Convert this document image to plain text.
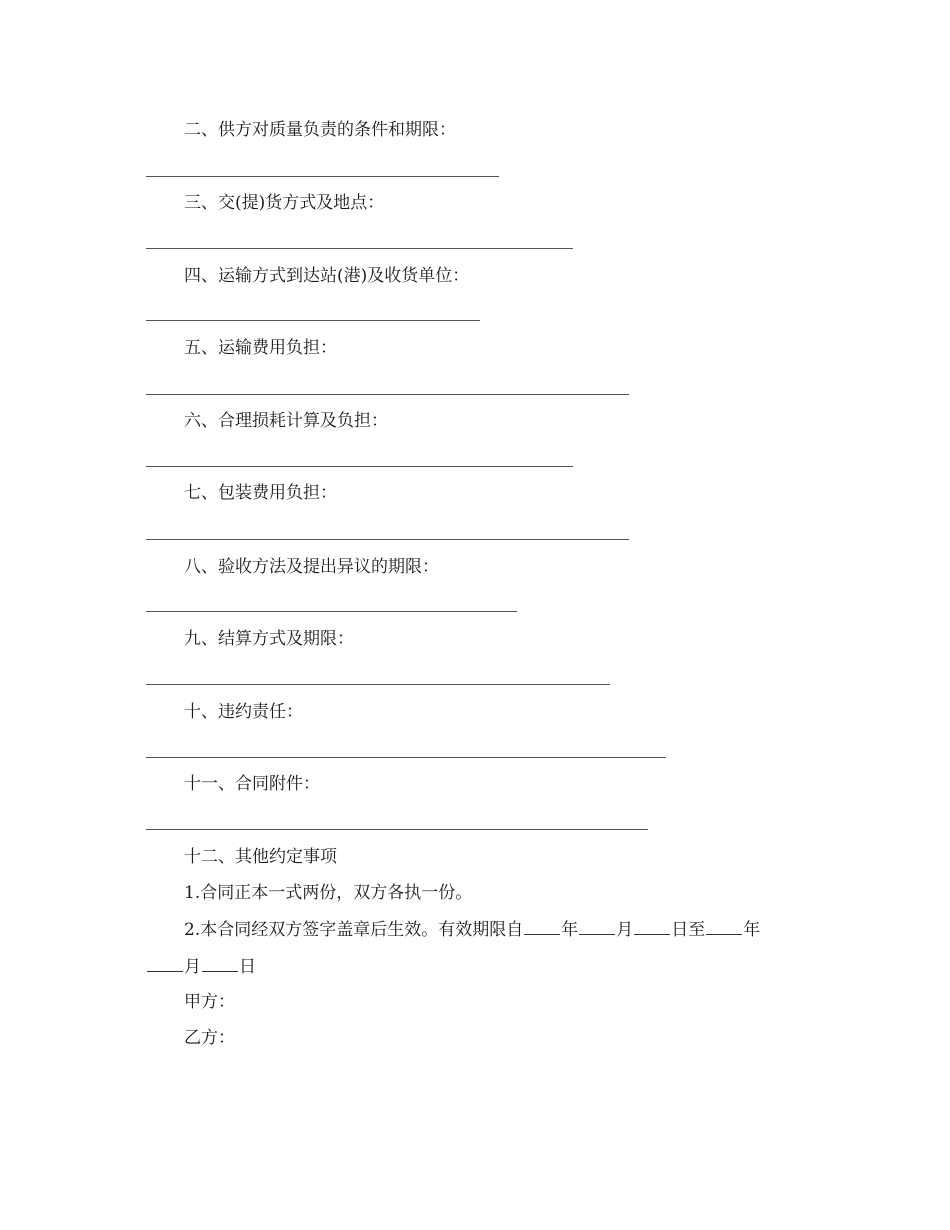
二、供方对质量负责的条件和期限：
三、交(提)货方式及地点：
四、运输方式到达站(港)及收货单位：
五、运输费用负担：
六、合理损耗计算及负担：
七、包装费用负担：
八、验收方法及提出异议的期限：
九、结算方式及期限：
十、违约责任：
十一、合同附件：
十二、其他约定事项
1.合同正本一式两份，双方各执一份。
2.本合同经双方签字盖章后生效。有效期限自 年 月 日至 年
月 日
甲方：
乙方：
